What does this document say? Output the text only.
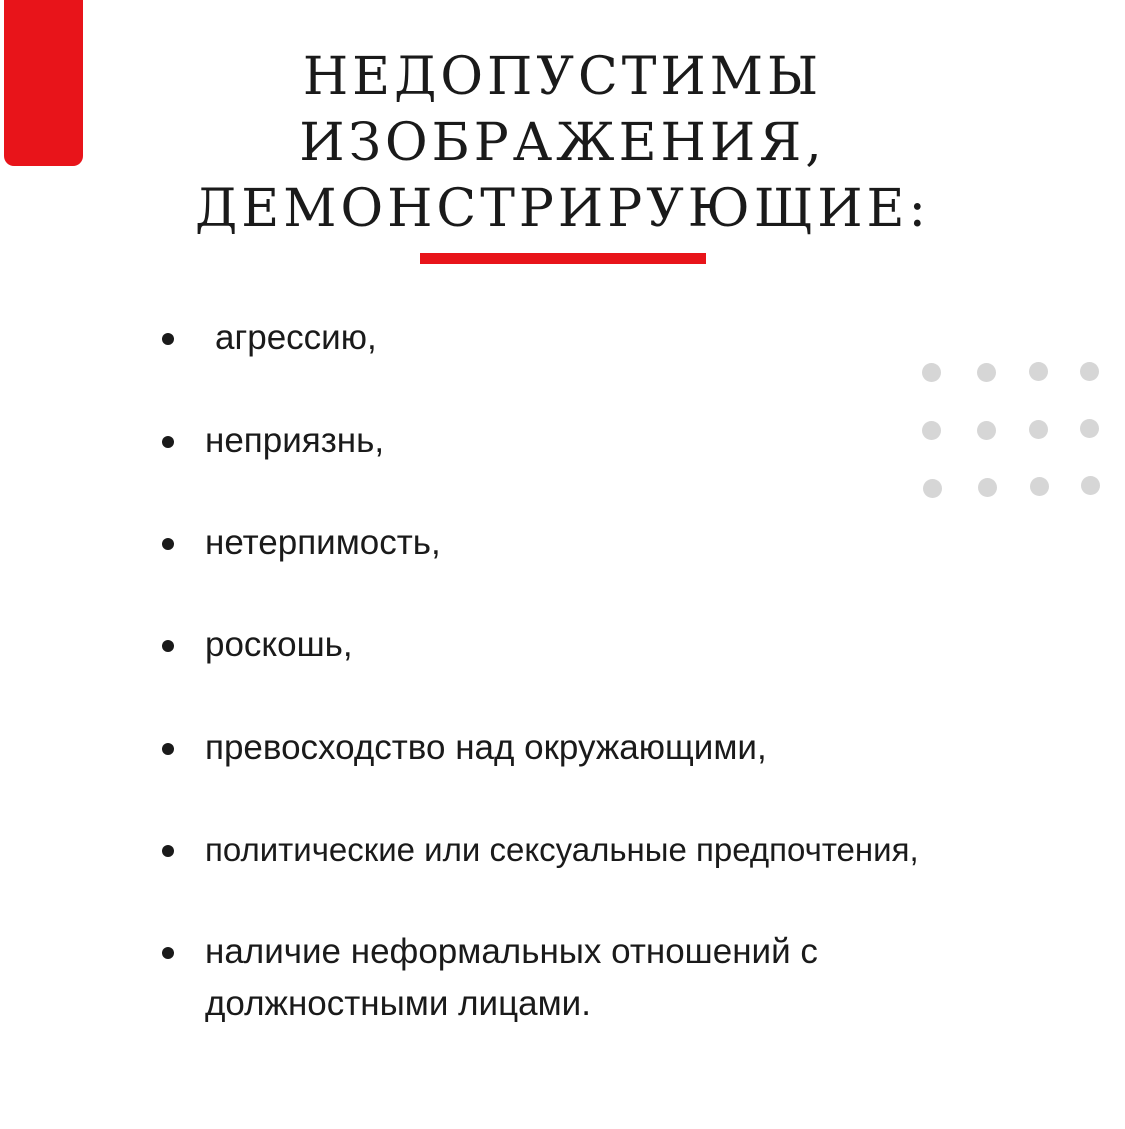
НЕДОПУСТИМЫ
ИЗОБРАЖЕНИЯ,
ДЕМОНСТРИРУЮЩИЕ:
агрессию,
неприязнь,
нетерпимость,
роскошь,
превосходство над окружающими,
политические или сексуальные предпочтения,
наличие неформальных отношений с должностными лицами.
